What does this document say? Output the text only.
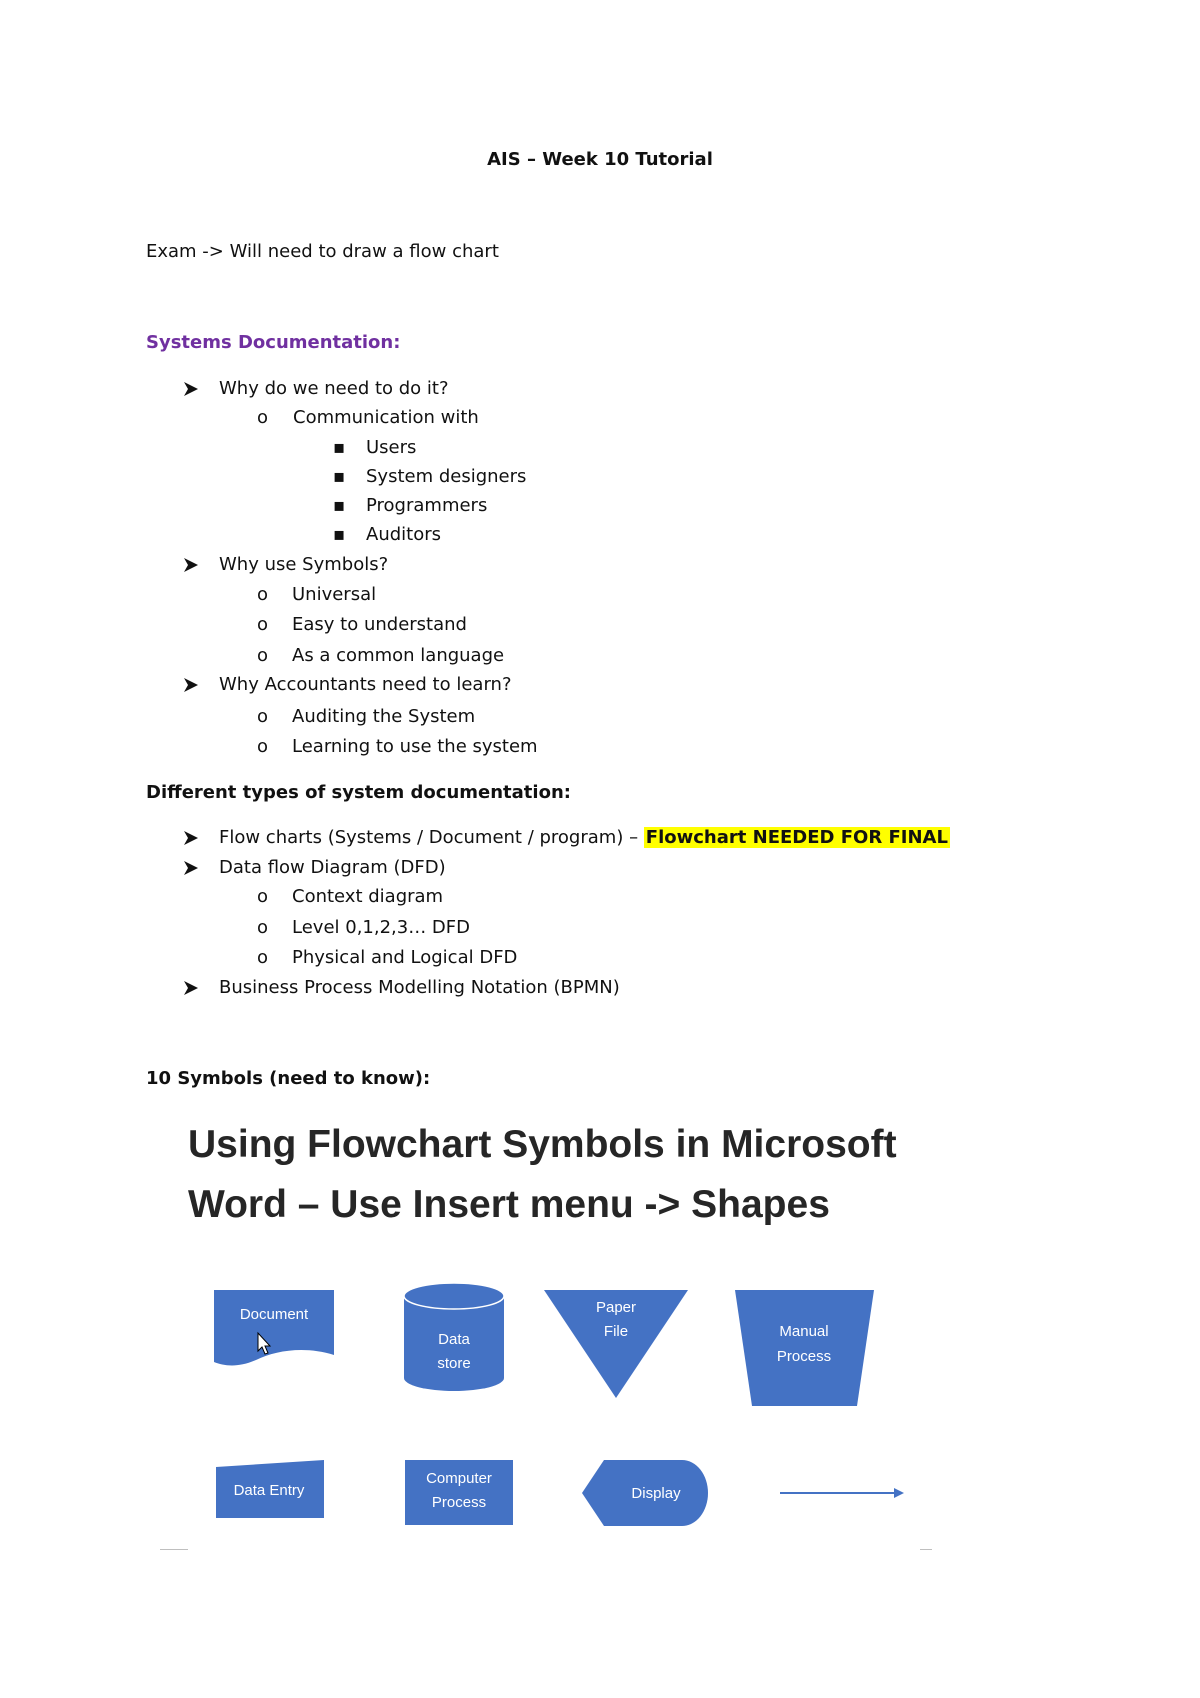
AIS – Week 10 Tutorial
Exam -> Will need to draw a flow chart
Systems Documentation:
Why do we need to do it?
o Communication with
▪ Users
▪ System designers
▪ Programmers
▪ Auditors
Why use Symbols?
o Universal
o Easy to understand
o As a common language
Why Accountants need to learn?
o Auditing the System
o Learning to use the system
Different types of system documentation:
Flow charts (Systems / Document / program) – Flowchart NEEDED FOR FINAL
Data flow Diagram (DFD)
o Context diagram
o Level 0,1,2,3… DFD
o Physical and Logical DFD
Business Process Modelling Notation (BPMN)
10 Symbols (need to know):
Using Flowchart Symbols in Microsoft
Word – Use Insert menu -> Shapes
Document
Data
store
Paper
File	Manual
Process
Data Entry
Computer
Process
Display
